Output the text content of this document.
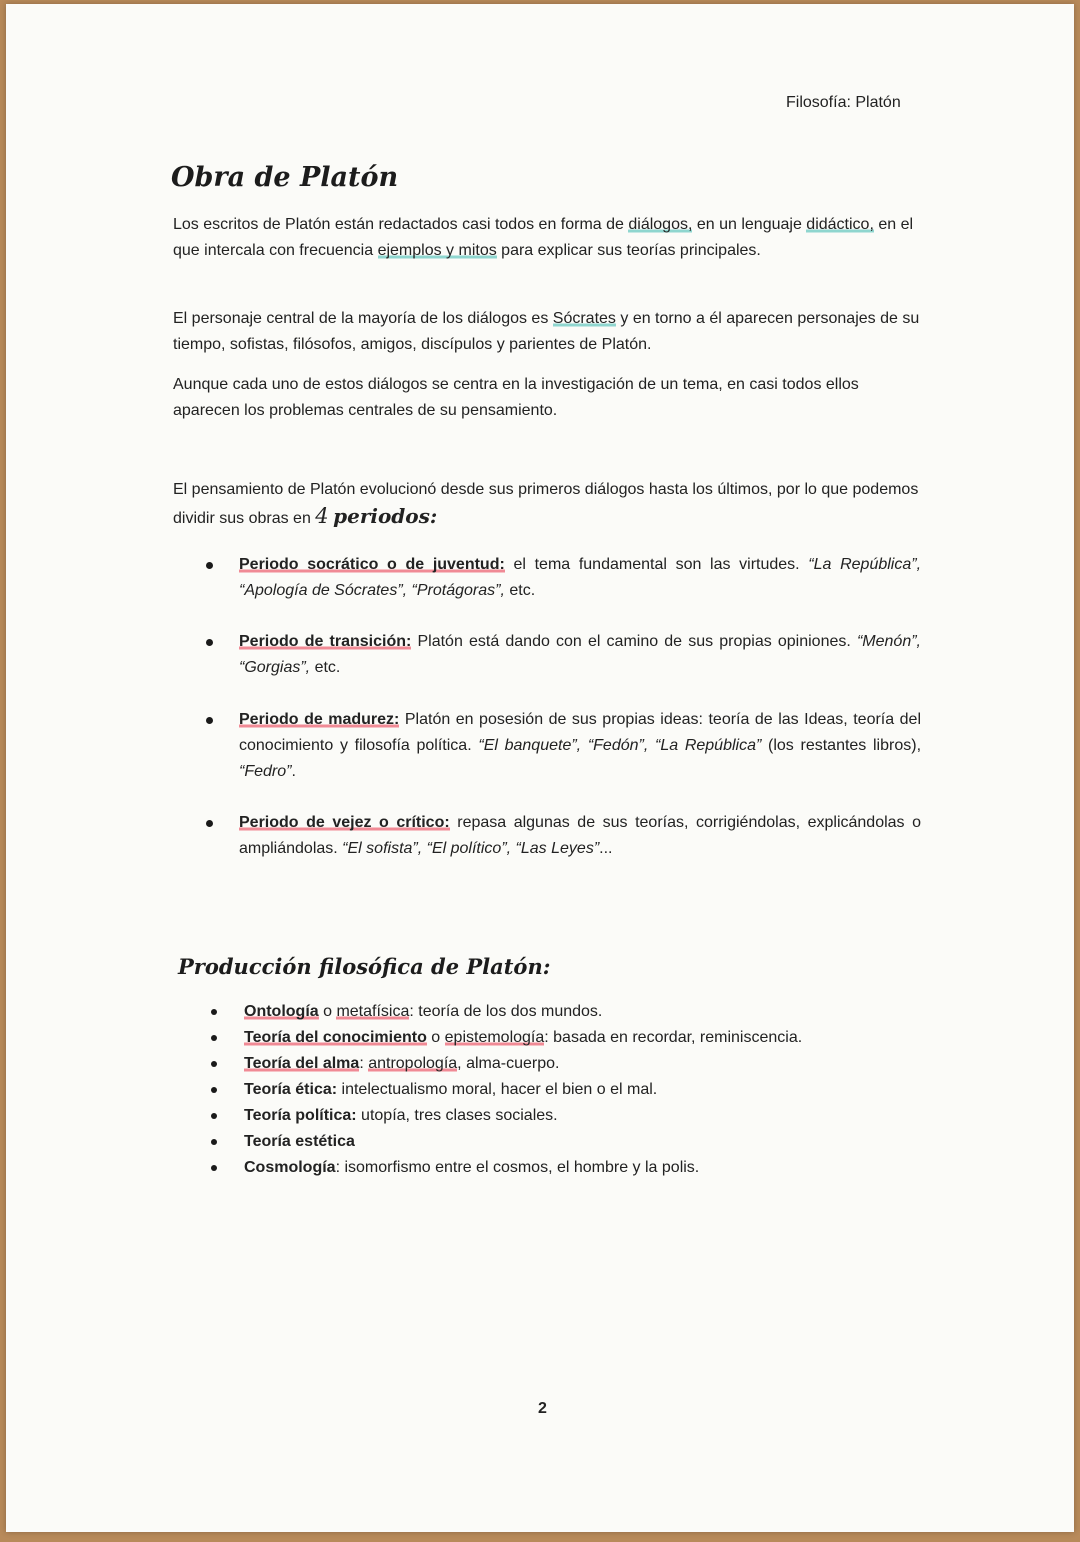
Filosofía: Platón
Obra de Platón
Los escritos de Platón están redactados casi todos en forma de diálogos, en un lenguaje didáctico, en el que intercala con frecuencia ejemplos y mitos para explicar sus teorías principales.
El personaje central de la mayoría de los diálogos es Sócrates y en torno a él aparecen personajes de su tiempo, sofistas, filósofos, amigos, discípulos y parientes de Platón.
Aunque cada uno de estos diálogos se centra en la investigación de un tema, en casi todos ellos aparecen los problemas centrales de su pensamiento.
El pensamiento de Platón evolucionó desde sus primeros diálogos hasta los últimos, por lo que podemos dividir sus obras en 4 periodos:
Periodo socrático o de juventud: el tema fundamental son las virtudes. “La República”, “Apología de Sócrates”, “Protágoras”, etc.
Periodo de transición: Platón está dando con el camino de sus propias opiniones. “Menón”, “Gorgias”, etc.
Periodo de madurez: Platón en posesión de sus propias ideas: teoría de las Ideas, teoría del conocimiento y filosofía política. “El banquete”, “Fedón”, “La República” (los restantes libros), “Fedro”.
Periodo de vejez o crítico: repasa algunas de sus teorías, corrigiéndolas, explicándolas o ampliándolas. “El sofista”, “El político”, “Las Leyes”...
Producción filosófica de Platón:
Ontología o metafísica: teoría de los dos mundos.
Teoría del conocimiento o epistemología: basada en recordar, reminiscencia.
Teoría del alma: antropología, alma-cuerpo.
Teoría ética: intelectualismo moral, hacer el bien o el mal.
Teoría política: utopía, tres clases sociales.
Teoría estética
Cosmología: isomorfismo entre el cosmos, el hombre y la polis.
2
